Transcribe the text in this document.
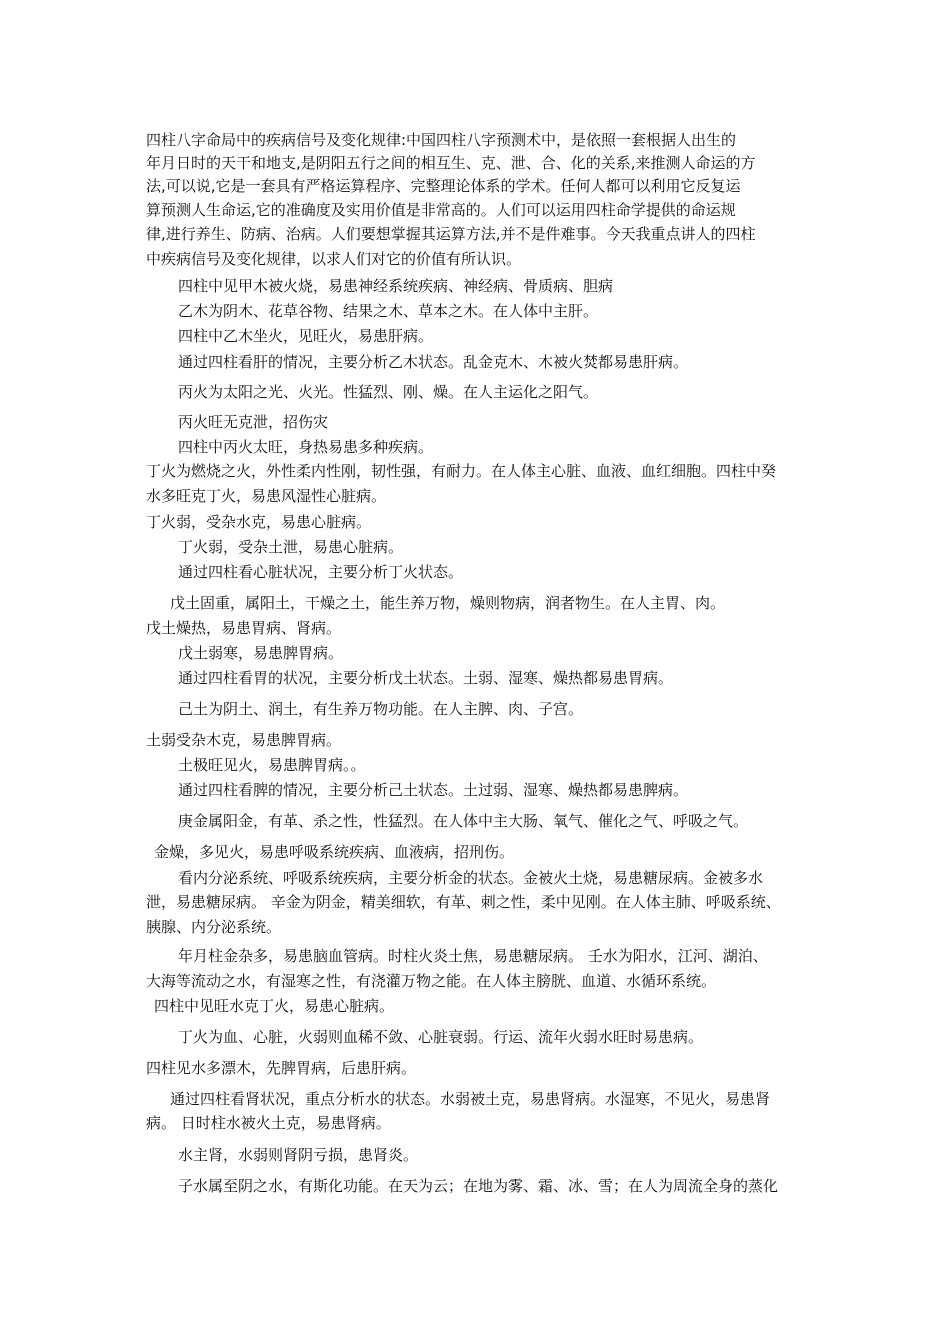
四柱八字命局中的疾病信号及变化规律:中国四柱八字预测术中，是依照一套根据人出生的

年月日时的天干和地支,是阴阳五行之间的相互生、克、泄、合、化的关系,来推测人命运的方

法,可以说,它是一套具有严格运算程序、完整理论体系的学术。任何人都可以利用它反复运

算预测人生命运,它的准确度及实用价值是非常高的。人们可以运用四柱命学提供的命运规

律,进行养生、防病、治病。人们要想掌握其运算方法,并不是件难事。今天我重点讲人的四柱

中疾病信号及变化规律，以求人们对它的价值有所认识。

四柱中见甲木被火烧，易患神经系统疾病、神经病、骨质病、胆病

乙木为阴木、花草谷物、结果之木、草本之木。在人体中主肝。

四柱中乙木坐火，见旺火，易患肝病。

通过四柱看肝的情况，主要分析乙木状态。乱金克木、木被火焚都易患肝病。

丙火为太阳之光、火光。性猛烈、刚、燥。在人主运化之阳气。

丙火旺无克泄，招伤灾

四柱中丙火太旺，身热易患多种疾病。

丁火为燃烧之火，外性柔内性刚，韧性强，有耐力。在人体主心脏、血液、血红细胞。四柱中癸

水多旺克丁火，易患风湿性心脏病。

丁火弱，受杂水克，易患心脏病。

丁火弱，受杂土泄，易患心脏病。

通过四柱看心脏状况，主要分析丁火状态。

戊土固重，属阳土，干燥之土，能生养万物，燥则物病，润者物生。在人主胃、肉。

戊土燥热，易患胃病、肾病。

戊土弱寒，易患脾胃病。

通过四柱看胃的状况，主要分析戊土状态。土弱、湿寒、燥热都易患胃病。

己土为阴土、润土，有生养万物功能。在人主脾、肉、子宫。

土弱受杂木克，易患脾胃病。

土极旺见火，易患脾胃病。。

通过四柱看脾的情况，主要分析己土状态。土过弱、湿寒、燥热都易患脾病。

庚金属阳金，有革、杀之性，性猛烈。在人体中主大肠、氧气、催化之气、呼吸之气。

金燥，多见火，易患呼吸系统疾病、血液病，招刑伤。

看内分泌系统、呼吸系统疾病，主要分析金的状态。金被火土烧，易患糖尿病。金被多水

泄，易患糖尿病。 辛金为阴金，精美细软，有革、刺之性，柔中见刚。在人体主肺、呼吸系统、

胰腺、内分泌系统。

年月柱金杂多，易患脑血管病。时柱火炎土焦，易患糖尿病。 壬水为阳水，江河、湖泊、

大海等流动之水，有湿寒之性，有浇灌万物之能。在人体主膀胱、血道、水循环系统。

四柱中见旺水克丁火，易患心脏病。

丁火为血、心脏，火弱则血稀不敛、心脏衰弱。行运、流年火弱水旺时易患病。

四柱见水多漂木，先脾胃病，后患肝病。

通过四柱看肾状况，重点分析水的状态。水弱被土克，易患肾病。水湿寒，不见火，易患肾

病。 日时柱水被火土克，易患肾病。

水主肾，水弱则肾阴亏损，患肾炎。

子水属至阴之水，有斯化功能。在天为云；在地为雾、霜、冰、雪；在人为周流全身的蒸化
